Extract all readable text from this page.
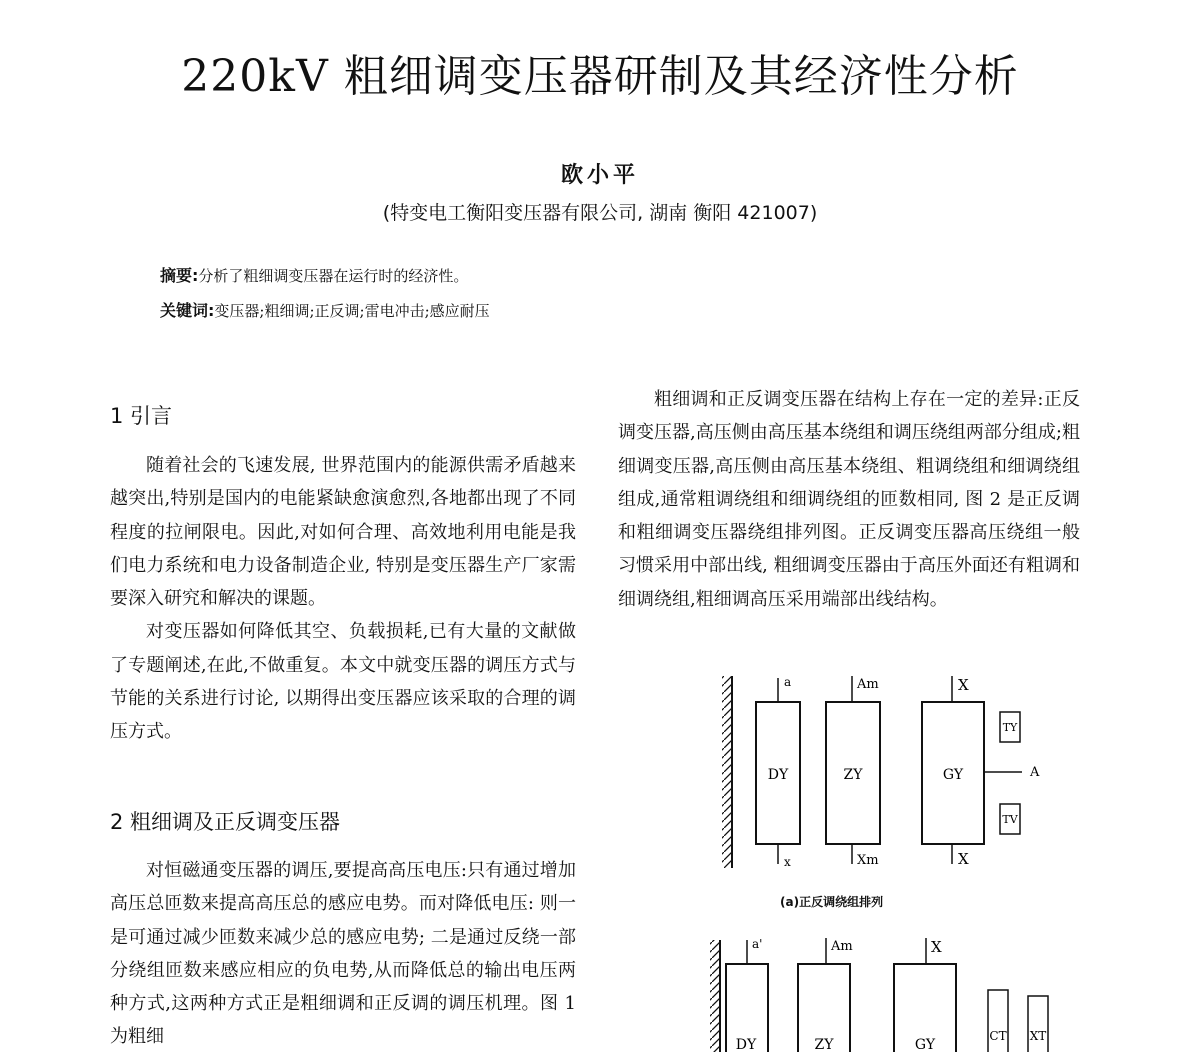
220kV 粗细调变压器研制及其经济性分析
欧小平
(特变电工衡阳变压器有限公司, 湖南 衡阳 421007)
摘要:分析了粗细调变压器在运行时的经济性。
关键词:变压器;粗细调;正反调;雷电冲击;感应耐压
1 引言

随着社会的飞速发展, 世界范围内的能源供需矛盾越来越突出,特别是国内的电能紧缺愈演愈烈,各地都出现了不同程度的拉闸限电。因此,对如何合理、高效地利用电能是我们电力系统和电力设备制造企业, 特别是变压器生产厂家需要深入研究和解决的课题。

对变压器如何降低其空、负载损耗,已有大量的文献做了专题阐述,在此,不做重复。本文中就变压器的调压方式与节能的关系进行讨论, 以期得出变压器应该采取的合理的调压方式。

2 粗细调及正反调变压器

对恒磁通变压器的调压,要提高高压电压:只有通过增加高压总匝数来提高高压总的感应电势。而对降低电压: 则一是可通过减少匝数来减少总的感应电势; 二是通过反绕一部分绕组匝数来感应相应的负电势,从而降低总的输出电压两种方式,这两种方式正是粗细调和正反调的调压机理。图 1 为粗细

粗细调和正反调变压器在结构上存在一定的差异:正反调变压器,高压侧由高压基本绕组和调压绕组两部分组成;粗细调变压器,高压侧由高压基本绕组、粗调绕组和细调绕组组成,通常粗调绕组和细调绕组的匝数相同, 图 2 是正反调和粗细调变压器绕组排列图。正反调变压器高压绕组一般习惯采用中部出线, 粗细调变压器由于高压外面还有粗调和细调绕组,粗细调高压采用端部出线结构。

DY
a
x
ZY
Am
Xm
GY
X
X
A
TY
TV
(a)正反调绕组排列
a'
DY
Am
ZY
X
GY
CT XT
